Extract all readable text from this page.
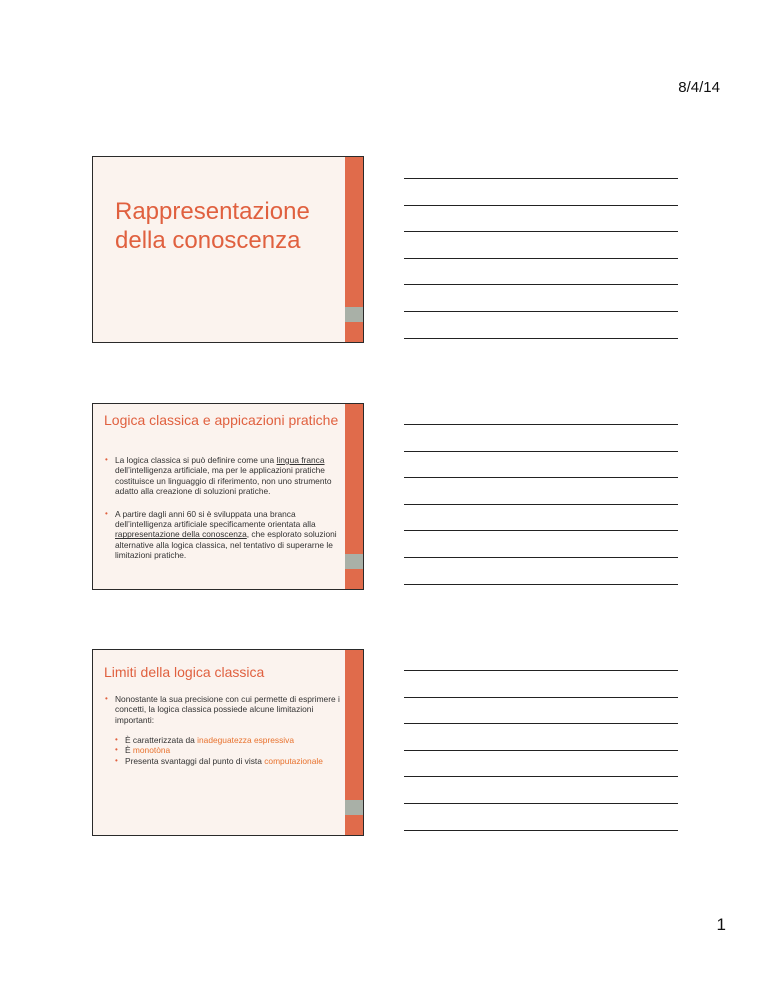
8/4/14
Rappresentazione
della conoscenza
Logica classica e appicazioni pratiche
• La logica classica si può definire come una lingua franca dell’intelligenza artificiale, ma per le applicazioni pratiche costituisce un linguaggio di riferimento, non uno strumento adatto alla creazione di soluzioni pratiche.
• A partire dagli anni 60 si è sviluppata una branca dell’intelligenza artificiale specificamente orientata alla rappresentazione della conoscenza, che esplorato soluzioni alternative alla logica classica, nel tentativo di superarne le limitazioni pratiche.
Limiti della logica classica
• Nonostante la sua precisione con cui permette di esprimere i concetti, la logica classica possiede alcune limitazioni importanti:
• È caratterizzata da inadeguatezza espressiva
• È monotòna
• Presenta svantaggi dal punto di vista computazionale
1
